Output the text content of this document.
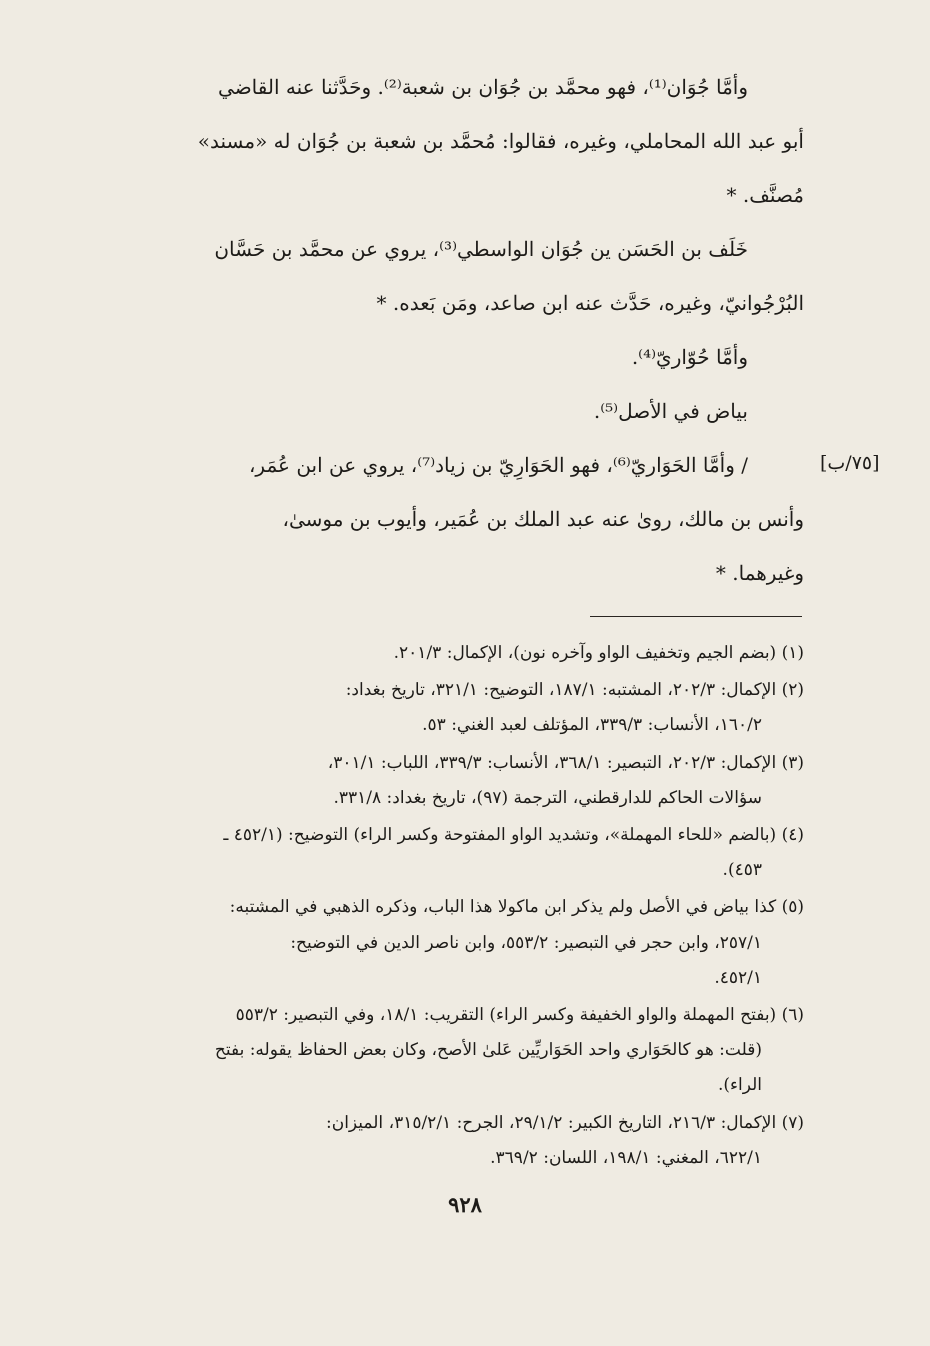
وأمَّا جُوَان⁽¹⁾، فهو محمَّد بن جُوَان بن شعبة⁽²⁾. وحَدَّثنا عنه القاضي
أبو عبد الله المحاملي، وغيره، فقالوا: مُحمَّد بن شعبة بن جُوَان له «مسند»
مُصنَّف. *
خَلَف بن الحَسَن ين جُوَان الواسطي⁽³⁾، يروي عن محمَّد بن حَسَّان
البُرْجُوانيّ، وغيره، حَدَّث عنه ابن صاعد، ومَن بَعده. *
وأمَّا حُوّاريّ⁽⁴⁾.
بياض في الأصل⁽⁵⁾.
/ وأمَّا الحَوَاريّ⁽⁶⁾، فهو الحَوَارِيّ بن زياد⁽⁷⁾، يروي عن ابن عُمَر،
وأنس بن مالك، روىٰ عنه عبد الملك بن عُمَير، وأيوب بن موسىٰ،
وغيرهما. *
[٧٥/ب]
(١) (بضم الجيم وتخفيف الواو وآخره نون)، الإكمال: ٢٠١/٣.
(٢) الإكمال: ٢٠٢/٣، المشتبه: ١٨٧/١، التوضيح: ٣٢١/١، تاريخ بغداد:
١٦٠/٢، الأنساب: ٣٣٩/٣، المؤتلف لعبد الغني: ٥٣.
(٣) الإكمال: ٢٠٢/٣، التبصير: ٣٦٨/١، الأنساب: ٣٣٩/٣، اللباب: ٣٠١/١،
سؤالات الحاكم للدارقطني، الترجمة (٩٧)، تاريخ بغداد: ٣٣١/٨.
(٤) (بالضم «للحاء المهملة»، وتشديد الواو المفتوحة وكسر الراء) التوضيح: (٤٥٢/١ ـ
٤٥٣).
(٥) كذا بياض في الأصل ولم يذكر ابن ماكولا هذا الباب، وذكره الذهبي في المشتبه:
٢٥٧/١، وابن حجر في التبصير: ٥٥٣/٢، وابن ناصر الدين في التوضيح:
٤٥٢/١.
(٦) (بفتح المهملة والواو الخفيفة وكسر الراء) التقريب: ١٨/١، وفي التبصير: ٥٥٣/٢
(قلت: هو كالحَوَاري واحد الحَوَاريِّين عَلىٰ الأصح، وكان بعض الحفاظ يقوله: بفتح
الراء).
(٧) الإكمال: ٢١٦/٣، التاريخ الكبير: ٢٩/١/٢، الجرح: ٣١٥/٢/١، الميزان:
٦٢٢/١، المغني: ١٩٨/١، اللسان: ٣٦٩/٢.
٩٢٨
